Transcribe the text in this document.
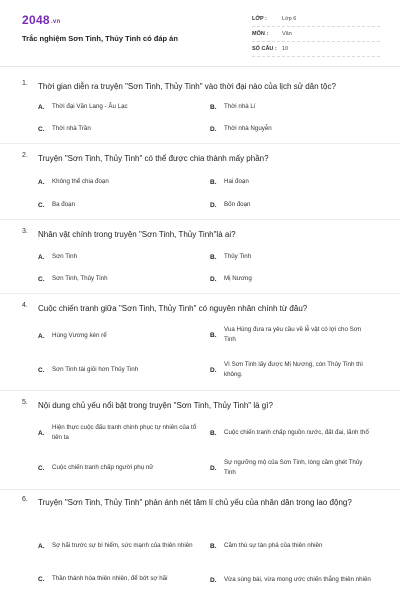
2048.vn
Trắc nghiệm Sơn Tinh, Thủy Tinh có đáp án
LỚP :	Lớp 6
MÔN :	Văn
SỐ CÂU : 10
1.	Thời gian diễn ra truyện "Sơn Tinh, Thủy Tinh" vào thời đại nào của lịch sử dân tộc?
A.	Thời đại Văn Lang - Âu Lạc	B.	Thời nhà Lí
C.	Thời nhà Trần	D.	Thời nhà Nguyễn
2.	Truyện "Sơn Tinh, Thủy Tinh" có thể được chia thành mấy phần?
A.	Không thể chia đoạn	B.	Hai đoạn
C.	Ba đoạn	D.	Bốn đoạn
3.	Nhân vật chính trong truyện "Sơn Tinh, Thủy Tinh"là ai?
A.	Sơn Tinh	B.	Thủy Tinh
C.	Sơn Tinh, Thủy Tinh	D.	Mị Nương
4.	Cuộc chiến tranh giữa "Sơn Tinh, Thủy Tinh" có nguyên nhân chính từ đâu?
A.	Hùng Vương kén rể	B.
Vua Hùng đưa ra yêu cầu về lễ vật có lợi cho Sơn Tinh
C.	Sơn Tinh tài giỏi hơn Thủy Tinh	D.
Vì Sơn Tinh lấy được Mị Nương, còn Thủy Tinh thì không.
5.	Nội dung chủ yếu nổi bật trong truyện "Sơn Tinh, Thủy Tinh" là gì?
A.
Hiện thực cuộc đấu tranh chinh phục tự nhiên của tổ tiên ta
B.	Cuộc chiến tranh chấp nguồn nước, đất đai, lãnh thổ
C.	Cuộc chiến tranh chấp người phụ nữ	D.
Sự ngưỡng mộ của Sơn Tinh, lòng căm ghét Thủy Tinh
6.	Truyện "Sơn Tinh, Thủy Tinh" phản ánh nét tâm lí chủ yếu của nhân dân trong lao động?
A.	Sợ hãi trước sự bí hiểm, sức mạnh của thiên nhiên	B.	Căm thù sự tàn phá của thiên nhiên
C.	Thần thánh hóa thiên nhiên, để bớt sợ hãi	D.	Vừa sùng bái, vừa mong ước chiến thắng thiên nhiên
